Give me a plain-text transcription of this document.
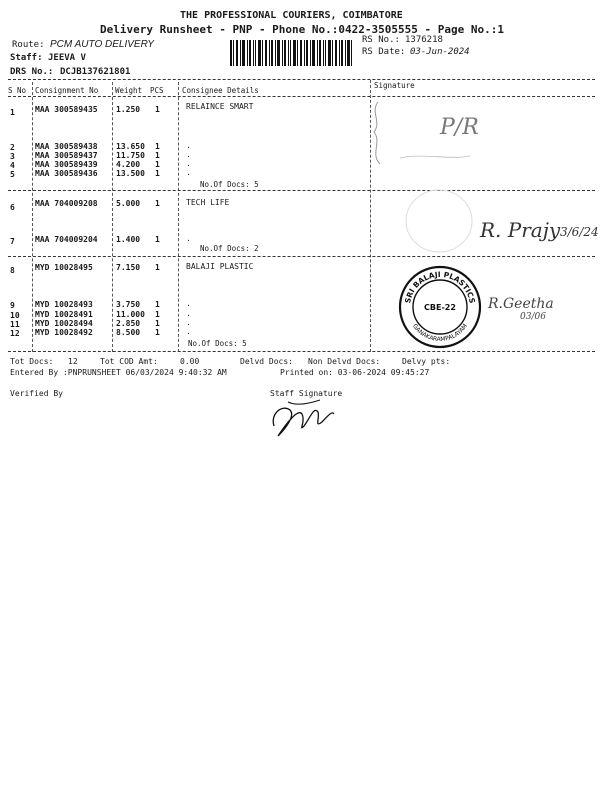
THE PROFESSIONAL COURIERS, COIMBATORE
Delivery Runsheet - PNP - Phone No.:0422-3505555 - Page No.:1
Route: PCM AUTO DELIVERY
Staff: JEEVA V
DRS No.: DCJB137621801
RS No.: 1376218
RS Date: 03-Jun-2024
S No Consignment No Weight PCS Consignee Details
Signature
1	MAA 300589435 1.250 1	RELAINCE SMART
2	MAA 300589438 13.650 1	.
3	MAA 300589437 11.750 1	.
4	MAA 300589439 4.200 1	.
5	MAA 300589436 13.500 1	.
No.Of Docs: 5
6	MAA 704009208 5.000 1	TECH LIFE
7	MAA 704009204 1.400 1	.
No.Of Docs: 2
8	MYD 10028495	7.150 1	BALAJI PLASTIC
9	MYD 10028493	3.750 1	.
10 MYD 10028491	11.000 1	.
11 MYD 10028494	2.850 1	.
12 MYD 10028492	8.500 1	.
No.Of Docs: 5
P/R
R. Prajy 3/6/24
SRI BALAJI PLASTICS
GANAKARAMPALAYAM
CBE-22 R.Geetha
03/06
Tot Docs: 12	Tot COD Amt:	0.00	Delvd Docs: Non Delvd Docs:	Delvy pts:
Entered By :PNPRUNSHEET 06/03/2024 9:40:32 AM	Printed on: 03-06-2024 09:45:27
Verified By	Staff Signature
